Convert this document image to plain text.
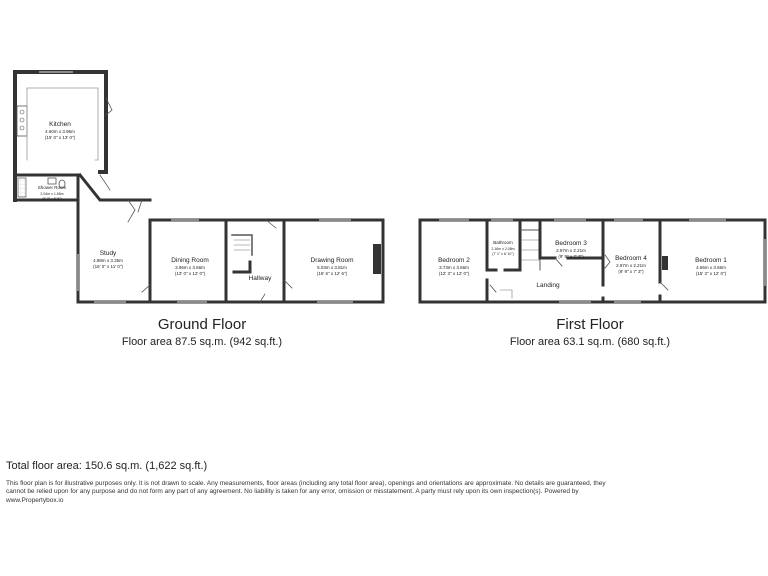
Kitchen
4.60m x 3.96m
(15' 0" x 13' 0")
Shower Room
2.04m x 1.65m
(6' 8" x 5' 5")
Study
4.88m x 3.35m
(16' 0" x 11' 0")
Dining Room
3.96m x 3.66m
(13' 0" x 12' 0")
Hallway
Drawing Room
5.03m x 3.81m
(16' 6" x 12' 6")
Bedroom 2
3.73m x 3.66m
(12' 3" x 12' 0")
Bathroom
2.16m x 2.08m
(7' 1" x 6' 10")
Bedroom 3
2.97m x 2.21m
(9' 9" x 7' 3")	Bedroom 4
2.97m x 2.21m
(9' 9" x 7' 3")
Bedroom 1
4.65m x 3.66m
(15' 3" x 12' 0")
Landing
Ground Floor
Floor area 87.5 sq.m. (942 sq.ft.)
First Floor
Floor area 63.1 sq.m. (680 sq.ft.)
Total floor area: 150.6 sq.m. (1,622 sq.ft.)
This floor plan is for illustrative purposes only. It is not drawn to scale. Any measurements, floor areas (including any total floor area), openings and orientations are approximate. No details are guaranteed, they cannot be relied upon for any purpose and do not form any part of any agreement. No liability is taken for any error, omission or misstatement. A party must rely upon its own inspection(s). Powered by www.Propertybox.io
